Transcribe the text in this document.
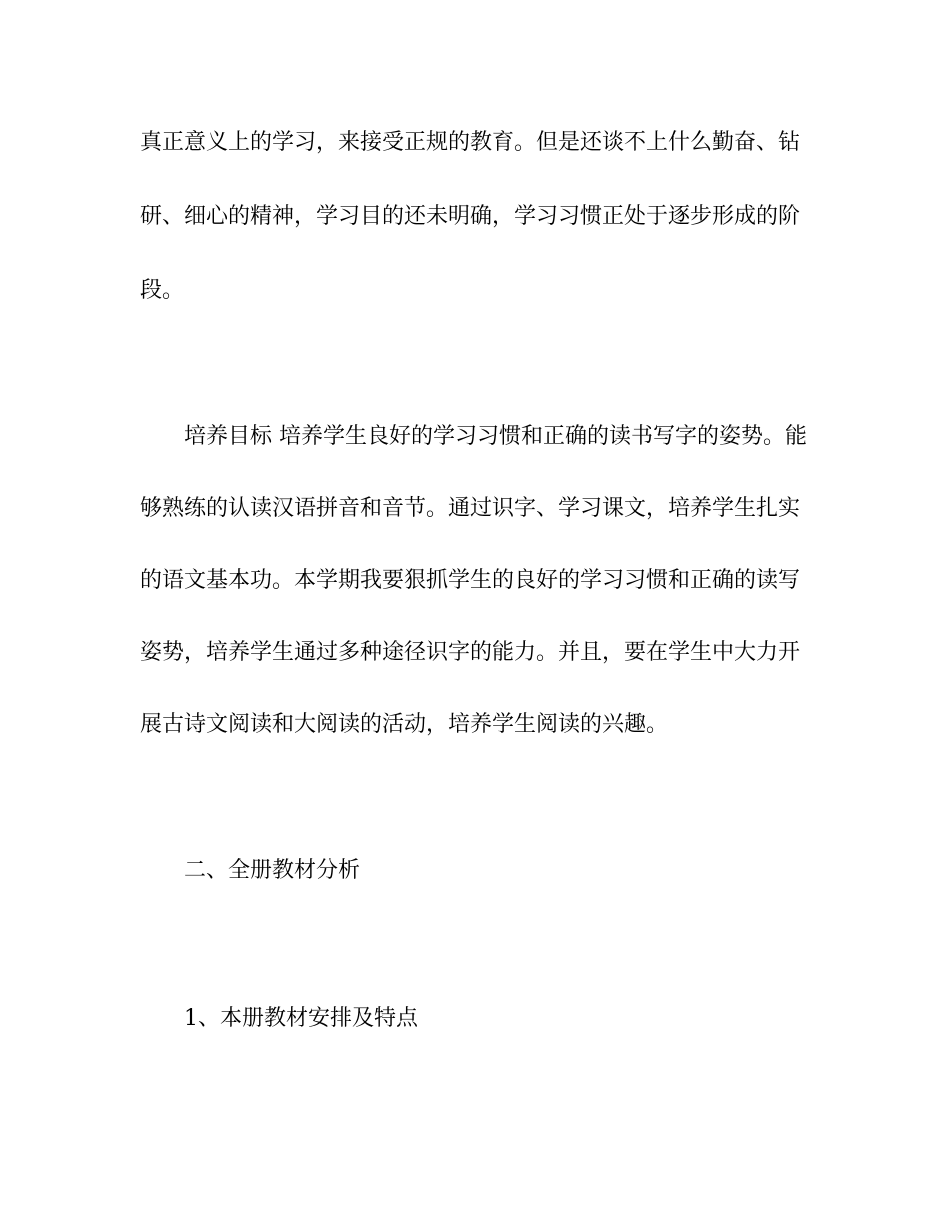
真正意义上的学习，来接受正规的教育。但是还谈不上什么勤奋、钻
研、细心的精神，学习目的还未明确，学习习惯正处于逐步形成的阶
段。
培养目标 培养学生良好的学习习惯和正确的读书写字的姿势。能
够熟练的认读汉语拼音和音节。通过识字、学习课文，培养学生扎实
的语文基本功。本学期我要狠抓学生的良好的学习习惯和正确的读写
姿势，培养学生通过多种途径识字的能力。并且，要在学生中大力开
展古诗文阅读和大阅读的活动，培养学生阅读的兴趣。
二、全册教材分析
1、本册教材安排及特点
